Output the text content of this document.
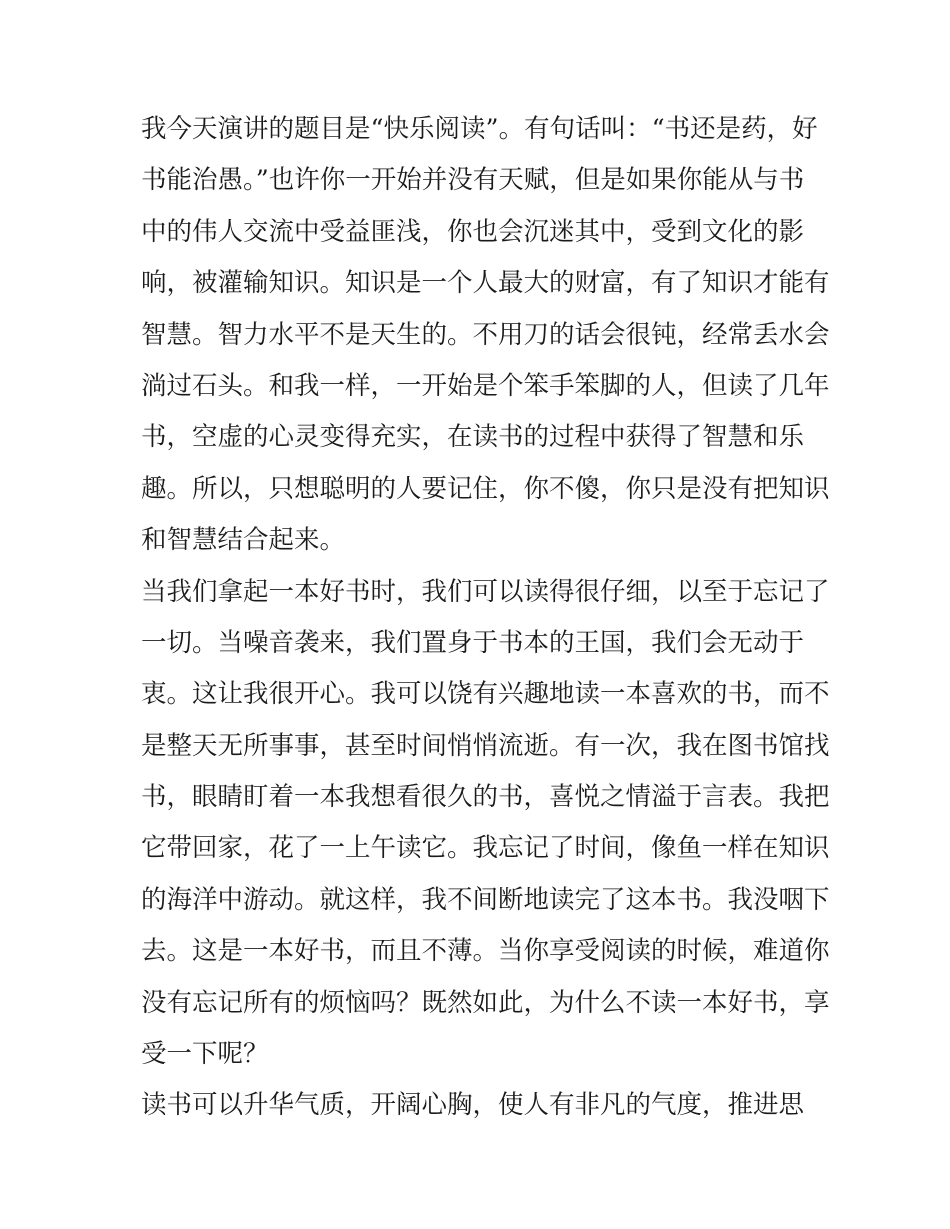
我今天演讲的题目是“快乐阅读”。有句话叫：“书还是药，好
书能治愚。”也许你一开始并没有天赋，但是如果你能从与书
中的伟人交流中受益匪浅，你也会沉迷其中，受到文化的影
响，被灌输知识。知识是一个人最大的财富，有了知识才能有
智慧。智力水平不是天生的。不用刀的话会很钝，经常丢水会
淌过石头。和我一样，一开始是个笨手笨脚的人，但读了几年
书，空虚的心灵变得充实，在读书的过程中获得了智慧和乐
趣。所以，只想聪明的人要记住，你不傻，你只是没有把知识
和智慧结合起来。
当我们拿起一本好书时，我们可以读得很仔细，以至于忘记了
一切。当噪音袭来，我们置身于书本的王国，我们会无动于
衷。这让我很开心。我可以饶有兴趣地读一本喜欢的书，而不
是整天无所事事，甚至时间悄悄流逝。有一次，我在图书馆找
书，眼睛盯着一本我想看很久的书，喜悦之情溢于言表。我把
它带回家，花了一上午读它。我忘记了时间，像鱼一样在知识
的海洋中游动。就这样，我不间断地读完了这本书。我没咽下
去。这是一本好书，而且不薄。当你享受阅读的时候，难道你
没有忘记所有的烦恼吗？既然如此，为什么不读一本好书，享
受一下呢？
读书可以升华气质，开阔心胸，使人有非凡的气度，推进思
